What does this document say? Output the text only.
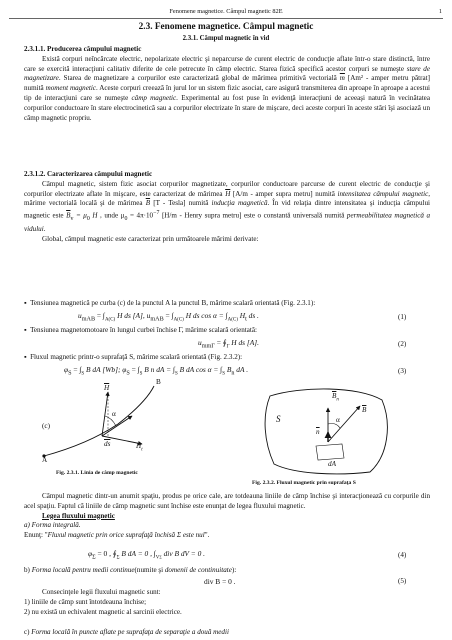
Fenomene magnetice. Câmpul magnetic 82E	1
2.3. Fenomene magnetice. Câmpul magnetic
2.3.1. Câmpul magnetic în vid

2.3.1.1. Producerea câmpului magnetic

Există corpuri neîncărcate electric, nepolarizate electric şi neparcurse de curent electric de conducţie aflate într-o stare distinctă, între care se exercită interacţiuni calitativ diferite de cele petrecute în câmp electric. Starea fizică specifică acestor corpuri se numeşte stare de magnetizare. Starea de magnetizare a corpurilor este caracterizată global de mărimea primitivă vectorială $\overline{m}$ [Am² - amper metru pătrat] numită moment magnetic. Aceste corpuri creează în jurul lor un sistem fizic asociat, care asigură transmiterea din aproape în aproape a acestui tip de interacţiuni care se numeşte câmp magnetic. Experimental au fost puse în evidenţă interacţiuni de aceeaşi natură în vecinătatea corpurilor conductoare în stare electrocinetică sau a corpurilor electrizate în stare de mişcare, deci aceste corpuri în aceste stări îşi asociază un câmp magnetic propriu.

2.3.1.2. Caracterizarea câmpului magnetic

Câmpul magnetic, sistem fizic asociat corpurilor magnetizate, corpurilor conductoare parcurse de curent electric de conducţie şi corpurilor electrizate aflate în mişcare, este caracterizat de mărimea $\overline{H}$ [A/m - amper supra metru] numită intensitatea câmpului magnetic, mărime vectorială locală şi de mărimea $\overline{B}$ [T - Tesla] numită inducţia magnetică. În vid relaţia dintre intensitatea şi inducţia câmpului magnetic este $\overline{B}_v = \mu_0$ H , unde $\mu_0 = 4\pi\cdot 10^{-7}$ [H/m - Henry supra metru] este o constantă universală numită permeabilitatea magnetică a vidului.

Global, câmpul magnetic este caracterizat prin următoarele mărimi derivate:

▪  Tensiunea magnetică pe curba (c) de la punctul A la punctul B, mărime scalară orientată (Fig. 2.3.1):
$u_{mAB} = \int_{A(C)}$ H ds [A], $u_{mAB} = \int_{A(C)}$ H ds $\cos \alpha = \int_{A(C)}$ $H_t$ ds .	(1)
▪  Tensiunea magnetomotoare în lungul curbei închise Γ, mărime scalară orientată:
$u_{mm\Gamma}$ = $∮_\Gamma$ H ds [A].	(2)
▪  Fluxul magnetic printr-o suprafaţă S, mărime scalară orientată (Fig. 2.3.2):
$\varphi_S = \int_S$ B dA [Wb]; $\varphi_S = \int_S$ B n dA = $\int_S$ B dA $\cos \alpha = \int_S$ $B_n$ dA .	(3)
$\overline{H}$
B
α
(c)
A
$\overline{ds}$	$H_t$
Fig. 2.3.1. Linia de câmp magnetic
S
$\overline{B}_n$
$\overline{B}$
α
$\overline{n}$
dA
Fig. 2.3.2. Fluxul magnetic prin suprafaţa S

Câmpul magnetic dintr-un anumit spaţiu, produs pe orice cale, are totdeauna liniile de câmp închise şi interacţionează cu corpurile din acel spaţiu. Faptul că liniile de câmp magnetic sunt închise este enunţat de legea fluxului magnetic.

Legea fluxului magnetic

a) Forma integrală.

Enunţ: "Fluxul magnetic prin orice suprafaţă închisă Σ este nul".

$\varphi_\Sigma = 0$ , $∮_\Sigma$ B dA = 0 , $\int_{V\Sigma}$ div B dV = 0 .	(4)
b) Forma locală pentru medii continue(numite şi domenii de continuitate):
div B = 0 .	(5)

Consecinţele legii fluxului magnetic sunt:

1) liniile de câmp sunt întotdeauna închise;

2) nu există un echivalent magnetic al sarcinii electrice.

c) Forma locală în puncte aflate pe suprafaţa de separaţie a două medii
